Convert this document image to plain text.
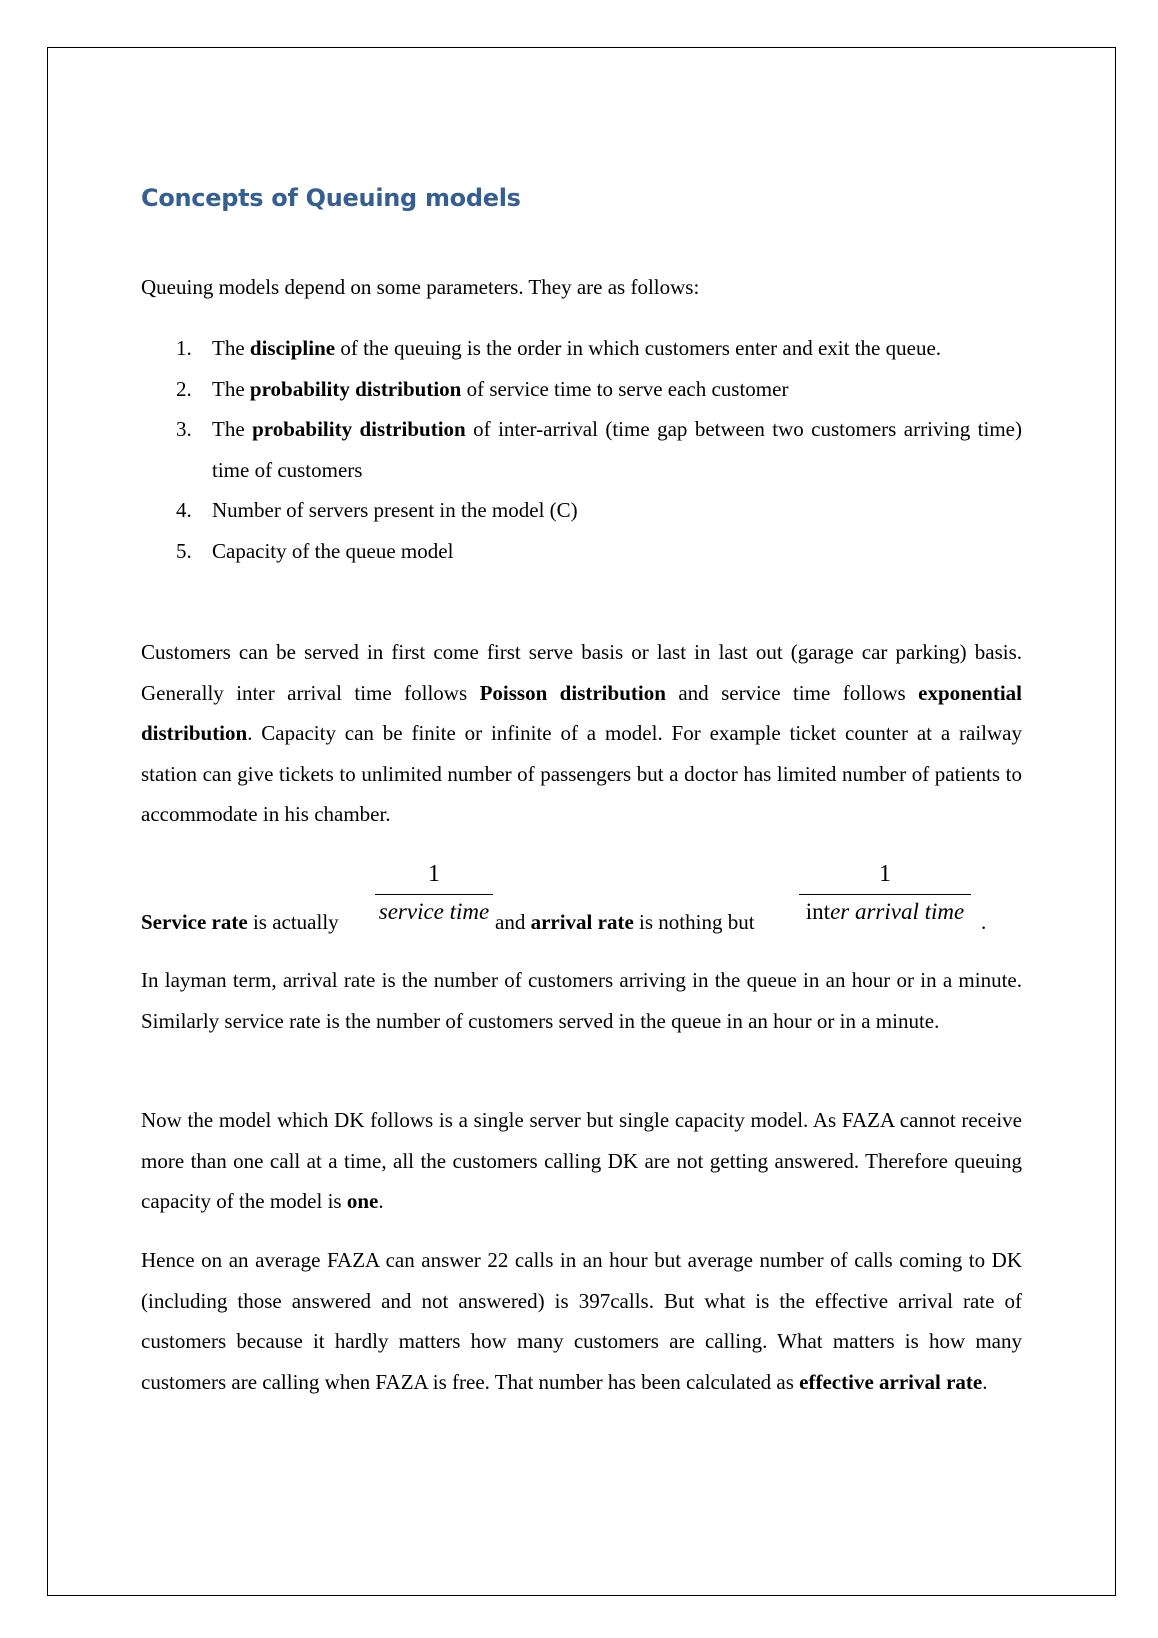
Concepts of Queuing models

Queuing models depend on some parameters. They are as follows:

1. The discipline of the queuing is the order in which customers enter and exit the queue.
2. The probability distribution of service time to serve each customer
3. The probability distribution of inter-arrival (time gap between two customers arriving time) time of customers
4. Number of servers present in the model (C)
5. Capacity of the queue model

Customers can be served in first come first serve basis or last in last out (garage car parking) basis. Generally inter arrival time follows Poisson distribution and service time follows exponential distribution. Capacity can be finite or infinite of a model. For example ticket counter at a railway station can give tickets to unlimited number of passengers but a doctor has limited number of patients to accommodate in his chamber.

Service rate is actually
1
service time and arrival rate is nothing but
1
inter arrival time .

In layman term, arrival rate is the number of customers arriving in the queue in an hour or in a minute. Similarly service rate is the number of customers served in the queue in an hour or in a minute.

Now the model which DK follows is a single server but single capacity model. As FAZA cannot receive more than one call at a time, all the customers calling DK are not getting answered. Therefore queuing capacity of the model is one.

Hence on an average FAZA can answer 22 calls in an hour but average number of calls coming to DK (including those answered and not answered) is 397calls. But what is the effective arrival rate of customers because it hardly matters how many customers are calling. What matters is how many customers are calling when FAZA is free. That number has been calculated as effective arrival rate.
